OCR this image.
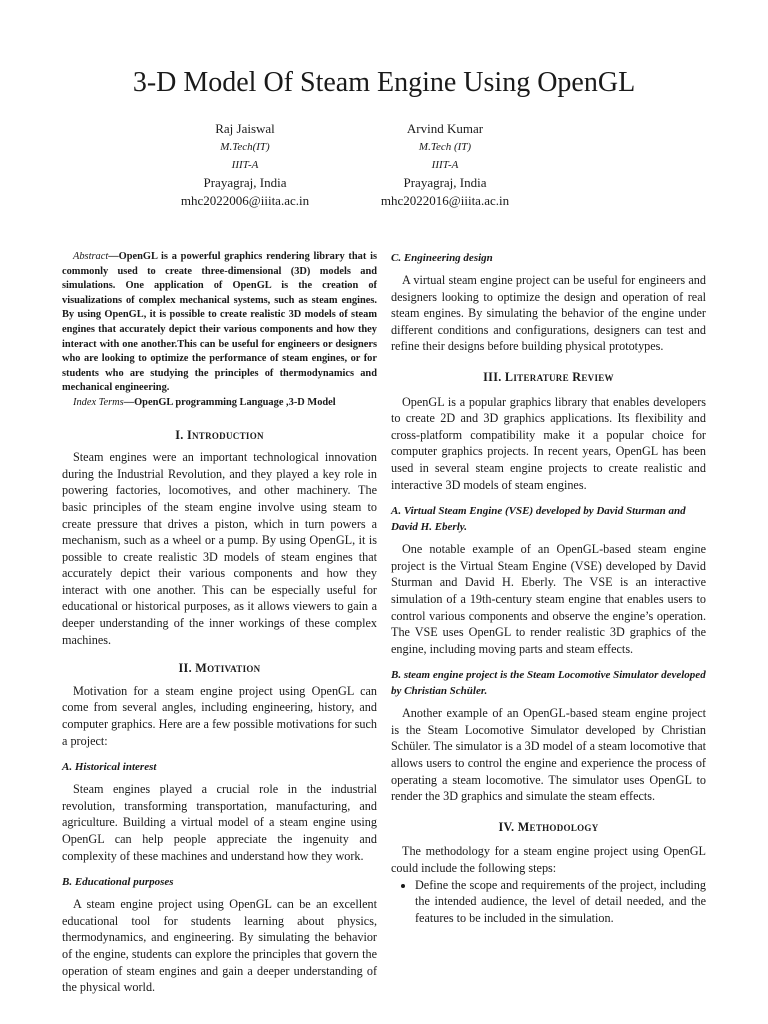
3-D Model Of Steam Engine Using OpenGL
Raj Jaiswal
M.Tech(IT)
IIIT-A
Prayagraj, India
mhc2022006@iiita.ac.in
Arvind Kumar
M.Tech (IT)
IIIT-A
Prayagraj, India
mhc2022016@iiita.ac.in

Abstract—OpenGL is a powerful graphics rendering library that is commonly used to create three-dimensional (3D) models and simulations. One application of OpenGL is the creation of visualizations of complex mechanical systems, such as steam engines. By using OpenGL, it is possible to create realistic 3D models of steam engines that accurately depict their various components and how they interact with one another.This can be useful for engineers or designers who are looking to optimize the performance of steam engines, or for students who are studying the principles of thermodynamics and mechanical engineering.

Index Terms—OpenGL programming Language ,3-D Model

I. Introduction

Steam engines were an important technological innovation during the Industrial Revolution, and they played a key role in powering factories, locomotives, and other machinery. The basic principles of the steam engine involve using steam to create pressure that drives a piston, which in turn powers a mechanism, such as a wheel or a pump. By using OpenGL, it is possible to create realistic 3D models of steam engines that accurately depict their various components and how they interact with one another. This can be especially useful for educational or historical purposes, as it allows viewers to gain a deeper understanding of the inner workings of these complex machines.

II. Motivation

Motivation for a steam engine project using OpenGL can come from several angles, including engineering, history, and computer graphics. Here are a few possible motivations for such a project:

A. Historical interest

Steam engines played a crucial role in the industrial revolution, transforming transportation, manufacturing, and agriculture. Building a virtual model of a steam engine using OpenGL can help people appreciate the ingenuity and complexity of these machines and understand how they work.

B. Educational purposes

A steam engine project using OpenGL can be an excellent educational tool for students learning about physics, thermodynamics, and engineering. By simulating the behavior of the engine, students can explore the principles that govern the operation of steam engines and gain a deeper understanding of the physical world.

C. Engineering design

A virtual steam engine project can be useful for engineers and designers looking to optimize the design and operation of real steam engines. By simulating the behavior of the engine under different conditions and configurations, designers can test and refine their designs before building physical prototypes.

III. Literature Review

OpenGL is a popular graphics library that enables developers to create 2D and 3D graphics applications. Its flexibility and cross-platform compatibility make it a popular choice for computer graphics projects. In recent years, OpenGL has been used in several steam engine projects to create realistic and interactive 3D models of steam engines.

A. Virtual Steam Engine (VSE) developed by David Sturman and David H. Eberly.

One notable example of an OpenGL-based steam engine project is the Virtual Steam Engine (VSE) developed by David Sturman and David H. Eberly. The VSE is an interactive simulation of a 19th-century steam engine that enables users to control various components and observe the engine’s operation. The VSE uses OpenGL to render realistic 3D graphics of the engine, including moving parts and steam effects.

B. steam engine project is the Steam Locomotive Simulator developed by Christian Schüler.

Another example of an OpenGL-based steam engine project is the Steam Locomotive Simulator developed by Christian Schüler. The simulator is a 3D model of a steam locomotive that allows users to control the engine and experience the process of operating a steam locomotive. The simulator uses OpenGL to render the 3D graphics and simulate the steam effects.

IV. Methodology

The methodology for a steam engine project using OpenGL could include the following steps:

• Define the scope and requirements of the project, including the intended audience, the level of detail needed, and the features to be included in the simulation.
